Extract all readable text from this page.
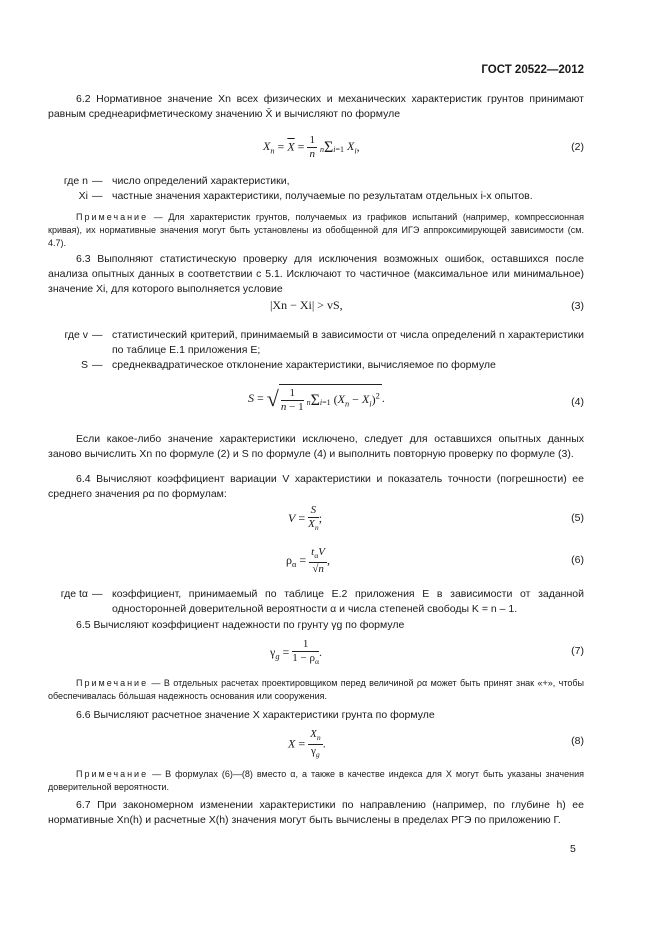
ГОСТ 20522—2012
6.2 Нормативное значение Xn всех физических и механических характеристик грунтов принимают равным среднеарифметическому значению X̄ и вычисляют по формуле
$X_n = \overline{X} = \frac{1}{n} n\Sigma i=1$ $X_i$,	(2)
где n — число определений характеристики,
Xi — частные значения характеристики, получаемые по результатам отдельных i-х опытов.
Примечание — Для характеристик грунтов, получаемых из графиков испытаний (например, компрессионная кривая), их нормативные значения могут быть установлены из обобщенной для ИГЭ аппроксимирующей зависимости (см. 4.7).
6.3 Выполняют статистическую проверку для исключения возможных ошибок, оставшихся после анализа опытных данных в соответствии с 5.1. Исключают то частичное (максимальное или минимальное) значение Xi, для которого выполняется условие
|Xn − Xi| > vS,	(3)
где v — статистический критерий, принимаемый в зависимости от числа определений n характеристики по таблице Е.1 приложения Е;
S — среднеквадратическое отклонение характеристики, вычисляемое по формуле
S = √ $\frac{1}{n - 1} n\Sigma i=1$ $(X_n - X_i)^2$ .	(4)
Если какое-либо значение характеристики исключено, следует для оставшихся опытных данных заново вычислить Xn по формуле (2) и S по формуле (4) и выполнить повторную проверку по формуле (3).
6.4 Вычисляют коэффициент вариации V характеристики и показатель точности (погрешности) ее среднего значения ρα по формулам:
$V = \frac{S}{X_n}$ ;	(5)
$\rho_\alpha = \frac{t_\alpha V}{√n}$ ,	(6)
где tα — коэффициент, принимаемый по таблице Е.2 приложения Е в зависимости от заданной односторонней доверительной вероятности α и числа степеней свободы K = n – 1.
6.5 Вычисляют коэффициент надежности по грунту γg по формуле
$\gamma_g = \frac{1}{1 - \rho_\alpha}$ .	(7)
Примечание — В отдельных расчетах проектировщиком перед величиной ρα может быть принят знак «+», чтобы обеспечивалась бóльшая надежность основания или сооружения.
6.6 Вычисляют расчетное значение X характеристики грунта по формуле
$X = \frac{X_n}{\gamma_g}$ .	(8)
Примечание — В формулах (6)—(8) вместо α, а также в качестве индекса для X могут быть указаны значения доверительной вероятности.
6.7 При закономерном изменении характеристики по направлению (например, по глубине h) ее нормативные Xn(h) и расчетные X(h) значения могут быть вычислены в пределах РГЭ по приложению Г.
5
